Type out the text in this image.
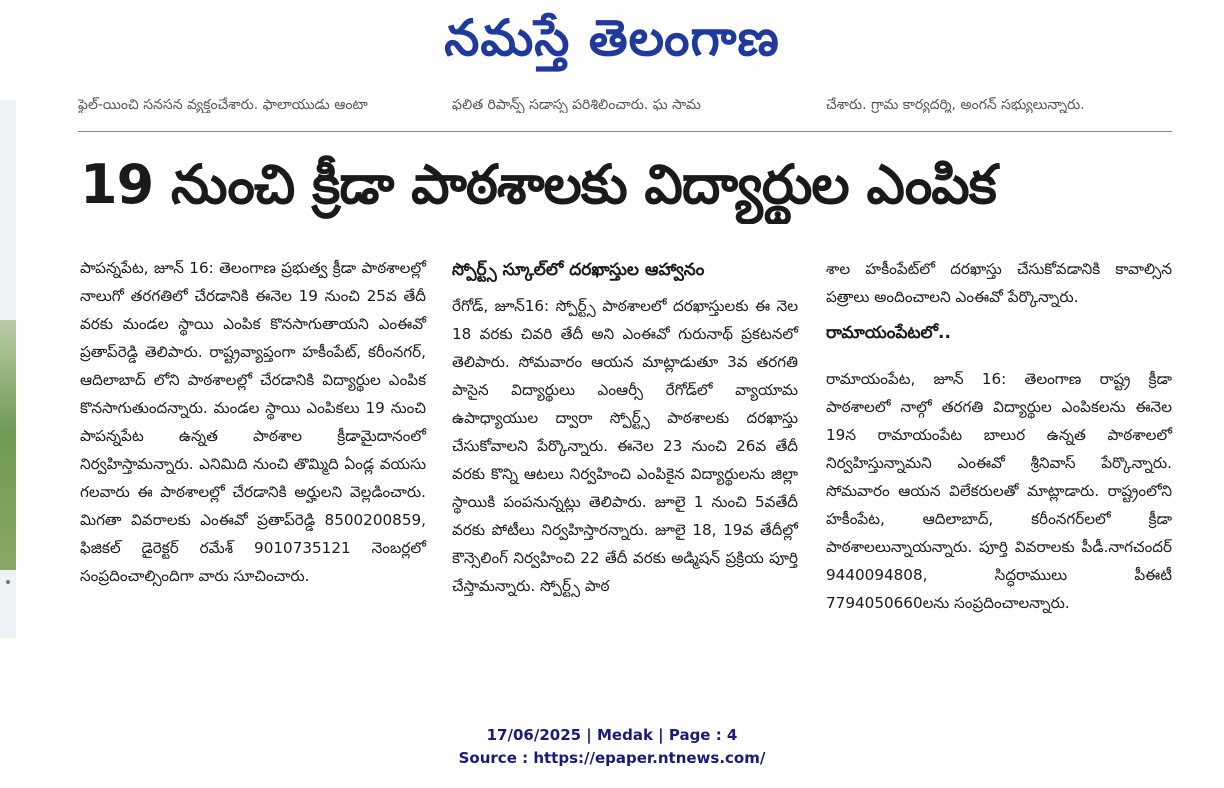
నమస్తే తెలంగాణ
ఫైల్-యించి సనసన వ్యక్తంచేశారు. ఫాలాయుడు ఆంటా	ఫలిత రిపాన్ప్ సడాస్స పరిశిలించారు. ఘ సామ	చేశారు. గ్రామ కార్యదర్శి, అంగన్ సభ్యులున్నారు.
19 నుంచి క్రీడా పాఠశాలకు విద్యార్థుల ఎంపిక

పాపన్నపేట, జూన్ 16: తెలంగాణ ప్రభుత్వ క్రీడా పాఠశాలల్లో నాలుగో తరగతిలో చేరడానికి ఈనెల 19 నుంచి 25వ తేదీ వరకు మండల స్థాయి ఎంపిక కొనసాగుతాయని ఎంఈవో ప్రతాప్‌రెడ్డి తెలిపారు. రాష్ట్రవ్యాప్తంగా హకీంపేట్, కరీంనగర్, ఆదిలాబాద్ లోని పాఠశాలల్లో చేరడానికి విద్యార్థుల ఎంపిక కొనసాగుతుందన్నారు. మండల స్థాయి ఎంపికలు 19 నుంచి పాపన్నపేట ఉన్నత పాఠశాల క్రీడామైదానంలో నిర్వహిస్తామన్నారు. ఎనిమిది నుంచి తొమ్మిది ఏండ్ల వయసు గలవారు ఈ పాఠశాలల్లో చేరడానికి అర్హులని వెల్లడించారు. మిగతా వివరాలకు ఎంఈవో ప్రతాప్‌రెడ్డి 8500200859, ఫిజికల్ డైరెక్టర్ రమేశ్ 9010735121 నెంబర్లలో సంప్రదించాల్సిందిగా వారు సూచించారు.

స్పోర్ట్స్ స్కూల్‌లో దరఖాస్తుల ఆహ్వానం

రేగోడ్, జూన్16: స్పోర్ట్స్ పాఠశాలలో దరఖాస్తులకు ఈ నెల 18 వరకు చివరి తేదీ అని ఎంఈవో గురునాథ్ ప్రకటనలో తెలిపారు. సోమవారం ఆయన మాట్లాడుతూ 3వ తరగతి పాసైన విద్యార్థులు ఎంఆర్సీ రేగోడ్‌లో వ్యాయామ ఉపాధ్యాయుల ద్వారా స్పోర్ట్స్ పాఠశాలకు దరఖాస్తు చేసుకోవాలని పేర్కొన్నారు. ఈనెల 23 నుంచి 26వ తేదీ వరకు కొన్ని ఆటలు నిర్వహించి ఎంపికైన విద్యార్థులను జిల్లా స్థాయికి పంపనున్నట్లు తెలిపారు. జూలై 1 నుంచి 5వతేదీ వరకు పోటీలు నిర్వహిస్తారన్నారు. జూలై 18, 19వ తేదీల్లో కౌన్సెలింగ్ నిర్వహించి 22 తేదీ వరకు అడ్మిషన్ ప్రక్రియ పూర్తి చేస్తామన్నారు. స్పోర్ట్స్ పాఠ

శాల హకీంపేట్‌లో దరఖాస్తు చేసుకోవడానికి కావాల్సిన పత్రాలు అందించాలని ఎంఈవో పేర్కొన్నారు.

రామాయంపేటలో..

రామాయంపేట, జూన్ 16: తెలంగాణ రాష్ట్ర క్రీడా పాఠశాలలో నాల్గో తరగతి విద్యార్థుల ఎంపికలను ఈనెల 19న రామాయంపేట బాలుర ఉన్నత పాఠశాలలో నిర్వహిస్తున్నామని ఎంఈవో శ్రీనివాస్ పేర్కొన్నారు. సోమవారం ఆయన విలేకరులతో మాట్లాడారు. రాష్ట్రంలోని హకీంపేట, ఆదిలాబాద్, కరీంనగర్‌లలో క్రీడా పాఠశాలలున్నాయన్నారు. పూర్తి వివరాలకు పీడీ.నాగచందర్ 9440094808, సిద్ధరాములు పీఈటీ 7794050660లను సంప్రదించాలన్నారు.

17/06/2025 | Medak | Page : 4
Source : https://epaper.ntnews.com/
